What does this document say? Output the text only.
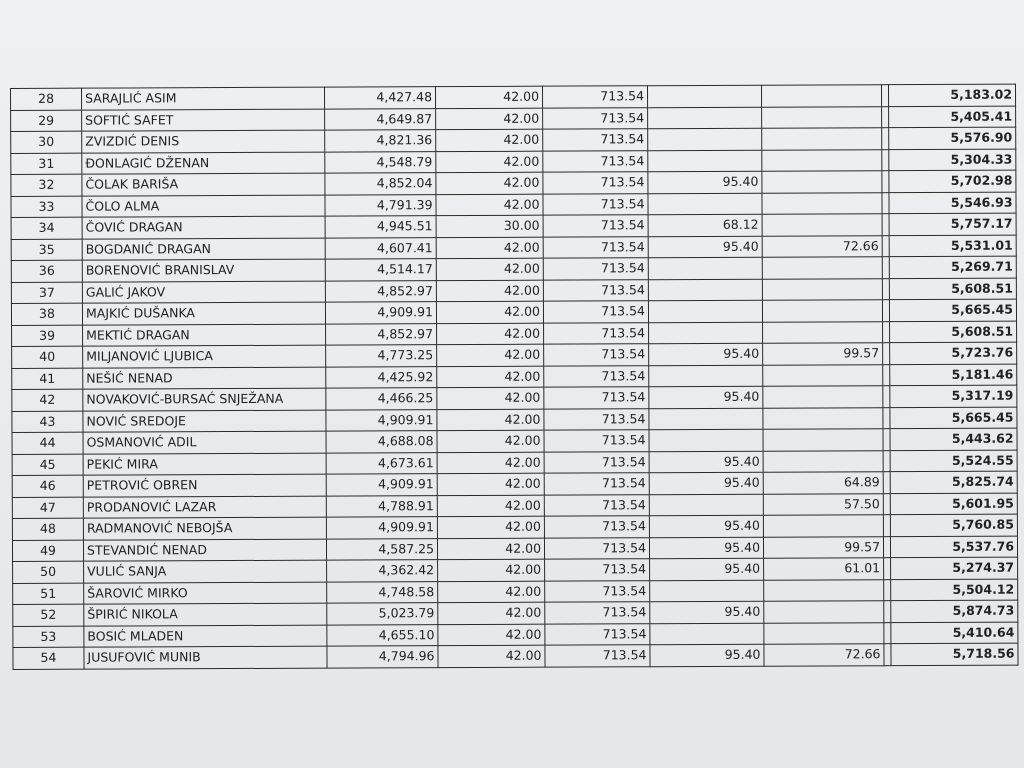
28	SARAJLIĆ ASIM	4,427.48	42.00	713.54				5,183.02
29	SOFTIĆ SAFET	4,649.87	42.00	713.54				5,405.41
30	ZVIZDIĆ DENIS	4,821.36	42.00	713.54				5,576.90
31	ĐONLAGIĆ DŽENAN	4,548.79	42.00	713.54				5,304.33
32	ČOLAK BARIŠA	4,852.04	42.00	713.54	95.40			5,702.98
33	ČOLO ALMA	4,791.39	42.00	713.54				5,546.93
34	ČOVIĆ DRAGAN	4,945.51	30.00	713.54	68.12			5,757.17
35	BOGDANIĆ DRAGAN	4,607.41	42.00	713.54	95.40	72.66		5,531.01
36	BORENOVIĆ BRANISLAV	4,514.17	42.00	713.54				5,269.71
37	GALIĆ JAKOV	4,852.97	42.00	713.54				5,608.51
38	MAJKIĆ DUŠANKA	4,909.91	42.00	713.54				5,665.45
39	MEKTIĆ DRAGAN	4,852.97	42.00	713.54				5,608.51
40	MILJANOVIĆ LJUBICA	4,773.25	42.00	713.54	95.40	99.57		5,723.76
41	NEŠIĆ NENAD	4,425.92	42.00	713.54				5,181.46
42	NOVAKOVIĆ-BURSAĆ SNJEŽANA	4,466.25	42.00	713.54	95.40			5,317.19
43	NOVIĆ SREDOJE	4,909.91	42.00	713.54				5,665.45
44	OSMANOVIĆ ADIL	4,688.08	42.00	713.54				5,443.62
45	PEKIĆ MIRA	4,673.61	42.00	713.54	95.40			5,524.55
46	PETROVIĆ OBREN	4,909.91	42.00	713.54	95.40	64.89		5,825.74
47	PRODANOVIĆ LAZAR	4,788.91	42.00	713.54		57.50		5,601.95
48	RADMANOVIĆ NEBOJŠA	4,909.91	42.00	713.54	95.40			5,760.85
49	STEVANDIĆ NENAD	4,587.25	42.00	713.54	95.40	99.57		5,537.76
50	VULIĆ SANJA	4,362.42	42.00	713.54	95.40	61.01		5,274.37
51	ŠAROVIĆ MIRKO	4,748.58	42.00	713.54				5,504.12
52	ŠPIRIĆ NIKOLA	5,023.79	42.00	713.54	95.40			5,874.73
53	BOSIĆ MLADEN	4,655.10	42.00	713.54				5,410.64
54	JUSUFOVIĆ MUNIB	4,794.96	42.00	713.54	95.40	72.66		5,718.56
